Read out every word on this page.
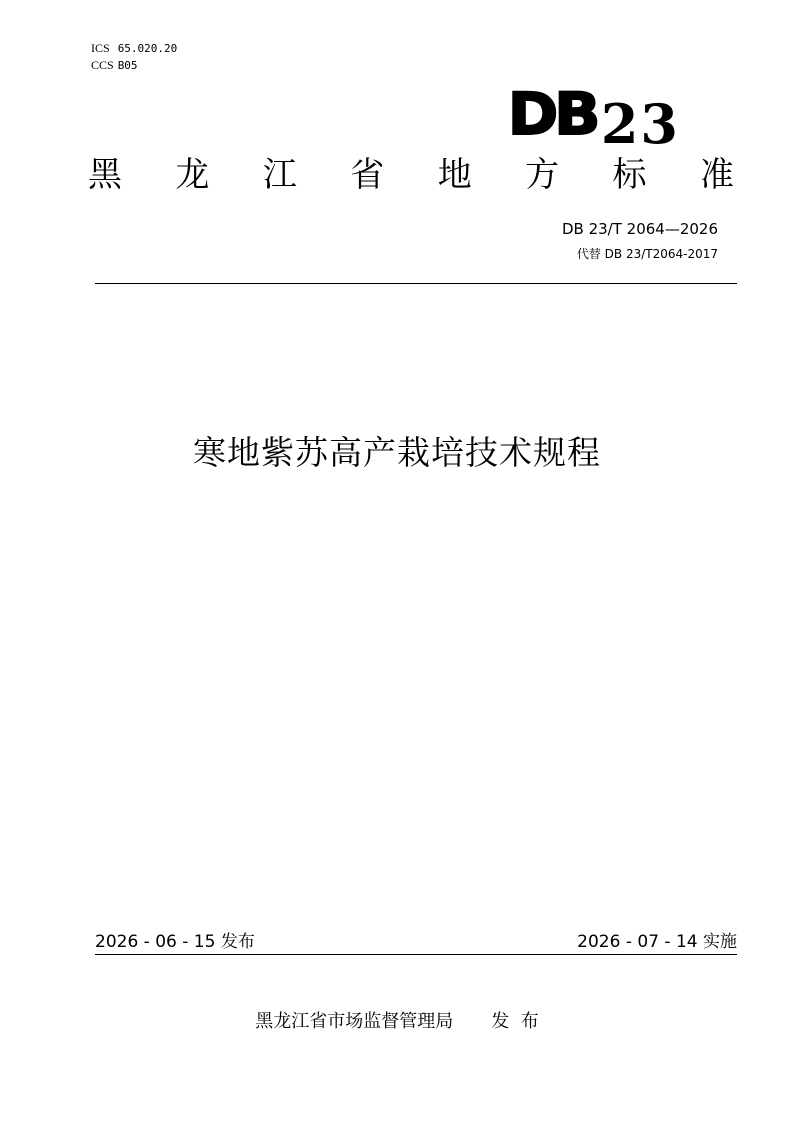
ICS 65.020.20
CCS B05
DB 23
黑 龙 江 省 地 方 标 准
DB 23/T 2064—2026
代替 DB 23/T2064-2017
寒地紫苏高产栽培技术规程
2026 - 06 - 15 发布	2026 - 07 - 14 实施
黑龙江省市场监督管理局 发  布
